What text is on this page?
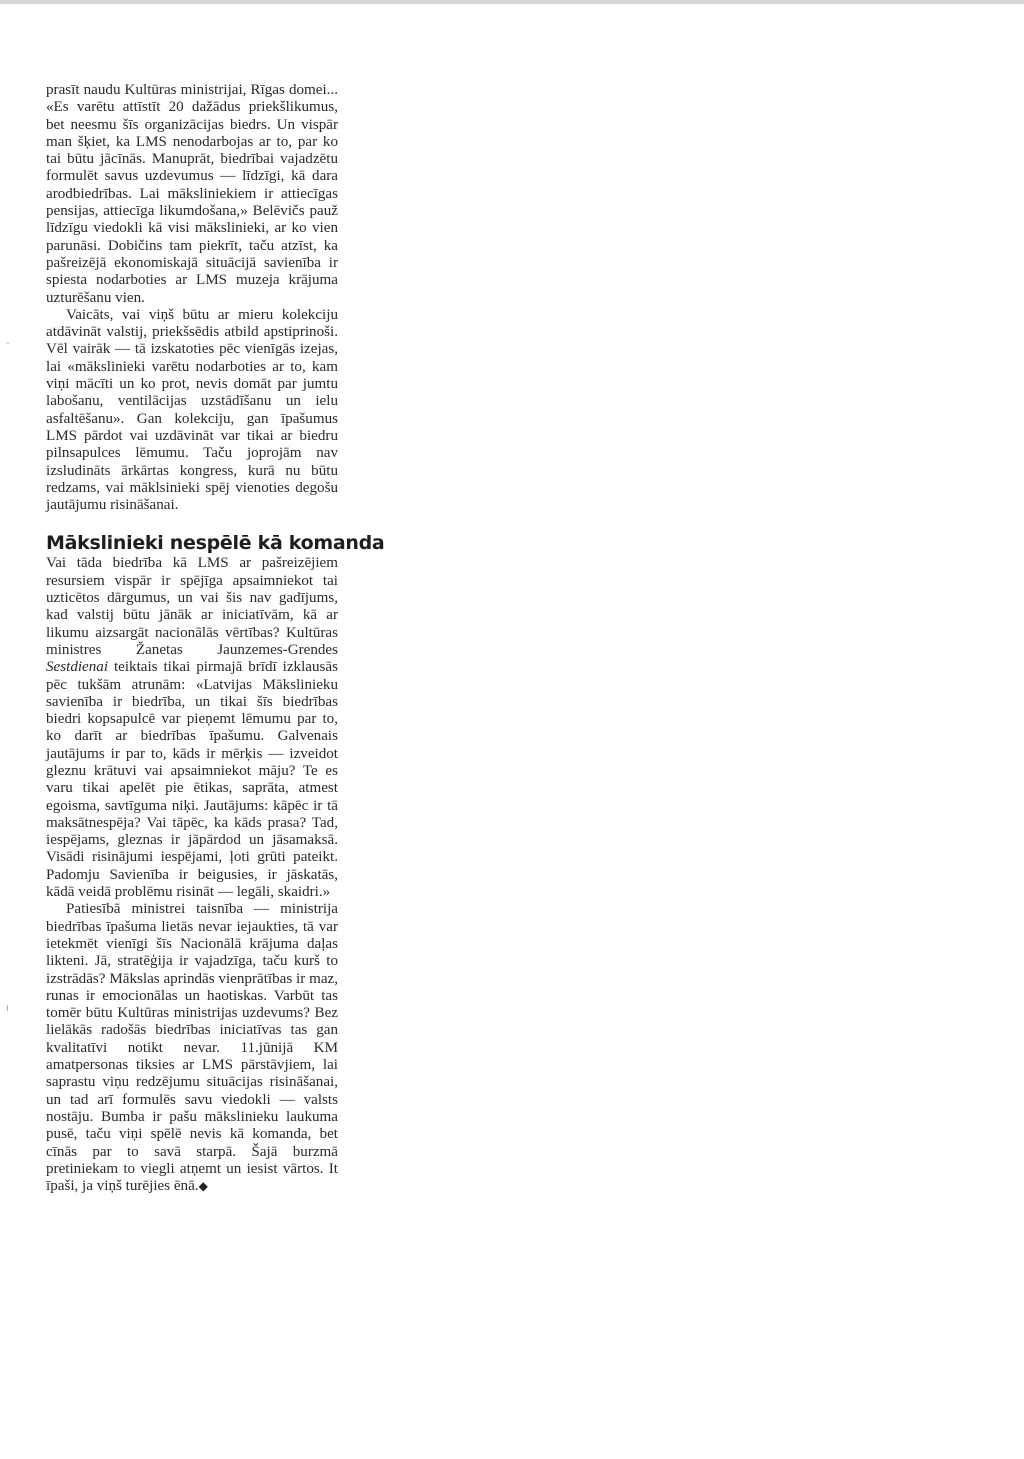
-
ı

prasīt naudu Kultūras ministrijai, Rīgas domei... «Es varētu attīstīt 20 dažādus priekšlikumus, bet neesmu šīs organizācijas biedrs. Un vispār man šķiet, ka LMS nenodarbojas ar to, par ko tai būtu jācīnās. Manuprāt, biedrībai vajadzētu formulēt savus uzdevumus — līdzīgi, kā dara arodbiedrības. Lai māksliniekiem ir attiecīgas pensijas, attiecīga likumdošana,» Belēvičs pauž līdzīgu viedokli kā visi mākslinieki, ar ko vien parunāsi. Dobičins tam piekrīt, taču atzīst, ka pašreizējā ekonomiskajā situācijā savienība ir spiesta nodarboties ar LMS muzeja krājuma uzturēšanu vien.

Vaicāts, vai viņš būtu ar mieru kolekciju atdāvināt valstij, priekšsēdis atbild apstiprinoši. Vēl vairāk — tā izskatoties pēc vienīgās izejas, lai «mākslinieki varētu nodarboties ar to, kam viņi mācīti un ko prot, nevis domāt par jumtu labošanu, ventilācijas uzstādīšanu un ielu asfaltēšanu». Gan kolekciju, gan īpašumus LMS pārdot vai uzdāvināt var tikai ar biedru pilnsapulces lēmumu. Taču joprojām nav izsludināts ārkārtas kongress, kurā nu būtu redzams, vai māklsinieki spēj vienoties degošu jautājumu risināšanai.

Mākslinieki nespēlē kā komanda

Vai tāda biedrība kā LMS ar pašreizējiem resursiem vispār ir spējīga apsaimniekot tai uzticētos dārgumus, un vai šis nav gadījums, kad valstij būtu jānāk ar iniciatīvām, kā ar likumu aizsargāt nacionālās vērtības? Kultūras ministres Žanetas Jaunzemes-Grendes Sestdienai teiktais tikai pirmajā brīdī izklausās pēc tukšām atrunām: «Latvijas Mākslinieku savienība ir biedrība, un tikai šīs biedrības biedri kopsapulcē var pieņemt lēmumu par to, ko darīt ar biedrības īpašumu. Galvenais jautājums ir par to, kāds ir mērķis — izveidot gleznu krātuvi vai apsaimniekot māju? Te es varu tikai apelēt pie ētikas, saprāta, atmest egoisma, savtīguma niķi. Jautājums: kāpēc ir tā maksātnespēja? Vai tāpēc, ka kāds prasa? Tad, iespējams, gleznas ir jāpārdod un jāsamaksā. Visādi risinājumi iespējami, ļoti grūti pateikt. Padomju Savienība ir beigusies, ir jāskatās, kādā veidā problēmu risināt — legāli, skaidri.»

Patiesībā ministrei taisnība — ministrija biedrības īpašuma lietās nevar iejaukties, tā var ietekmēt vienīgi šīs Nacionālā krājuma daļas likteni. Jā, stratēģija ir vajadzīga, taču kurš to izstrādās? Mākslas aprindās vienprātības ir maz, runas ir emocionālas un haotiskas. Varbūt tas tomēr būtu Kultūras ministrijas uzdevums? Bez lielākās radošās biedrības iniciatīvas tas gan kvalitatīvi notikt nevar. 11.jūnijā KM amatpersonas tiksies ar LMS pārstāvjiem, lai saprastu viņu redzējumu situācijas risināšanai, un tad arī formulēs savu viedokli — valsts nostāju. Bumba ir pašu mākslinieku laukuma pusē, taču viņi spēlē nevis kā komanda, bet cīnās par to savā starpā. Šajā burzmā pretiniekam to viegli atņemt un iesist vārtos. It īpaši, ja viņš turējies ēnā.◆
